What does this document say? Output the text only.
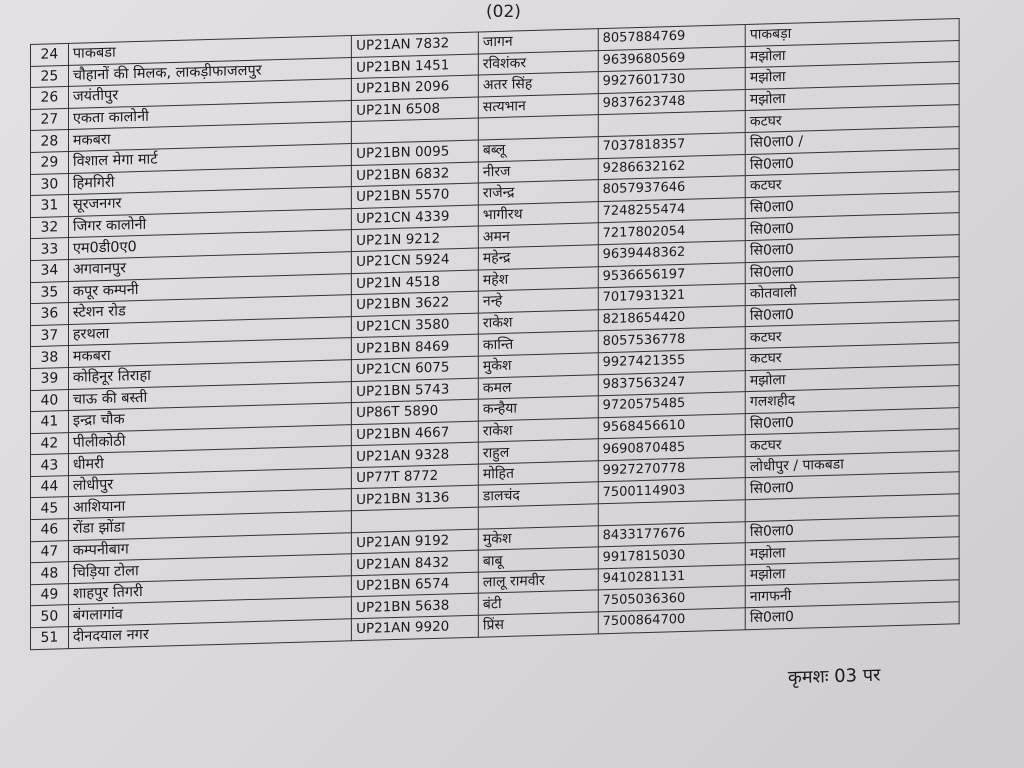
(02)
24	पाकबडा	UP21AN 7832	जागन	8057884769	पाकबड़ा
25	चौहानों की मिलक, लाकड़ीफाजलपुर	UP21BN 1451	रविशंकर	9639680569	मझोला
26	जयंतीपुर	UP21BN 2096	अतर सिंह	9927601730	मझोला
27	एकता कालोनी	UP21N 6508	सत्यभान	9837623748	मझोला
28	मकबरा				कटघर
29	विशाल मेगा मार्ट	UP21BN 0095	बब्लू	7037818357	सि0ला0 /
30	हिमगिरी	UP21BN 6832	नीरज	9286632162	सि0ला0
31	सूरजनगर	UP21BN 5570	राजेन्द्र	8057937646	कटघर
32	जिगर कालोनी	UP21CN 4339	भागीरथ	7248255474	सि0ला0
33	एम0डी0ए0	UP21N 9212	अमन	7217802054	सि0ला0
34	अगवानपुर	UP21CN 5924	महेन्द्र	9639448362	सि0ला0
35	कपूर कम्पनी	UP21N 4518	महेश	9536656197	सि0ला0
36	स्टेशन रोड	UP21BN 3622	नन्हे	7017931321	कोतवाली
37	हरथला	UP21CN 3580	राकेश	8218654420	सि0ला0
38	मकबरा	UP21BN 8469	कान्ति	8057536778	कटघर
39	कोहिनूर तिराहा	UP21CN 6075	मुकेश	9927421355	कटघर
40	चाऊ की बस्ती	UP21BN 5743	कमल	9837563247	मझोला
41	इन्द्रा चौक	UP86T 5890	कन्हैया	9720575485	गलशहीद
42	पीलीकोठी	UP21BN 4667	राकेश	9568456610	सि0ला0
43	धीमरी	UP21AN 9328	राहुल	9690870485	कटघर
44	लोधीपुर	UP77T 8772	मोहित	9927270778	लोधीपुर / पाकबडा
45	आशियाना	UP21BN 3136	डालचंद	7500114903	सि0ला0
46	रोंडा झोंडा				
47	कम्पनीबाग	UP21AN 9192	मुकेश	8433177676	सि0ला0
48	चिड़िया टोला	UP21AN 8432	बाबू	9917815030	मझोला
49	शाहपुर तिगरी	UP21BN 6574	लालू रामवीर	9410281131	मझोला
50	बंगलागांव	UP21BN 5638	बंटी	7505036360	नागफनी
51	दीनदयाल नगर	UP21AN 9920	प्रिंस	7500864700	सि0ला0
कृमशः 03 पर
